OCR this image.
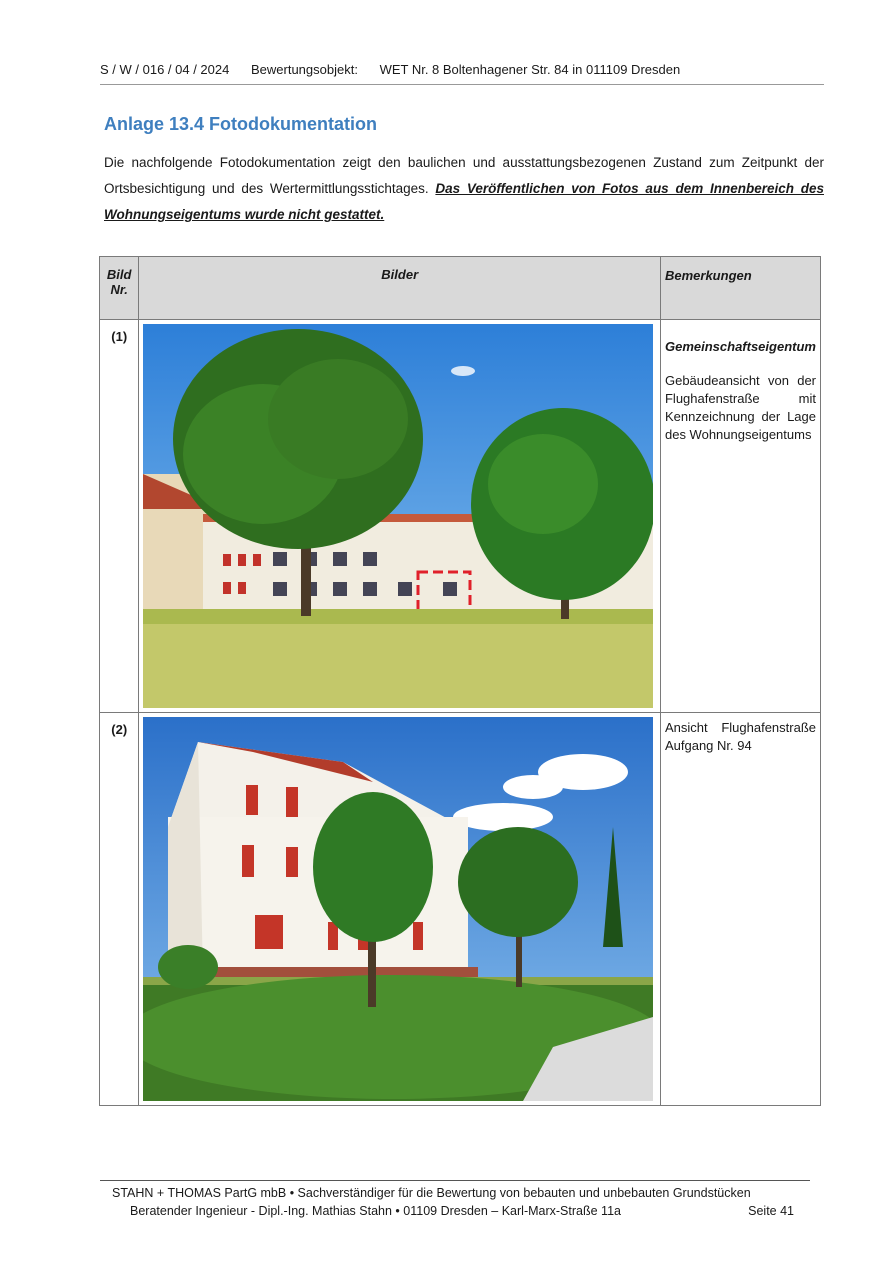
S / W / 016 / 04 / 2024 Bewertungsobjekt: WET Nr. 8 Boltenhagener Str. 84 in 011109 Dresden
Anlage 13.4 Fotodokumentation
Die nachfolgende Fotodokumentation zeigt den baulichen und ausstattungsbezogenen Zustand zum Zeitpunkt der Ortsbesichtigung und des Wertermittlungsstichtages. Das Veröffentlichen von Fotos aus dem Innenbereich des Wohnungseigentums wurde nicht gestattet.
Bild Nr.	Bilder	Bemerkungen

(1)		Gemeinschaftseigentum
Gebäudeansicht von der Flughafenstraße mit Kennzeichnung der Lage des Wohnungseigentums

(2)		Ansicht Flughafenstraße Aufgang Nr. 94
STAHN + THOMAS PartG mbB • Sachverständiger für die Bewertung von bebauten und unbebauten Grundstücken
Beratender Ingenieur - Dipl.-Ing. Mathias Stahn • 01109 Dresden – Karl-Marx-Straße 11a	Seite 41
